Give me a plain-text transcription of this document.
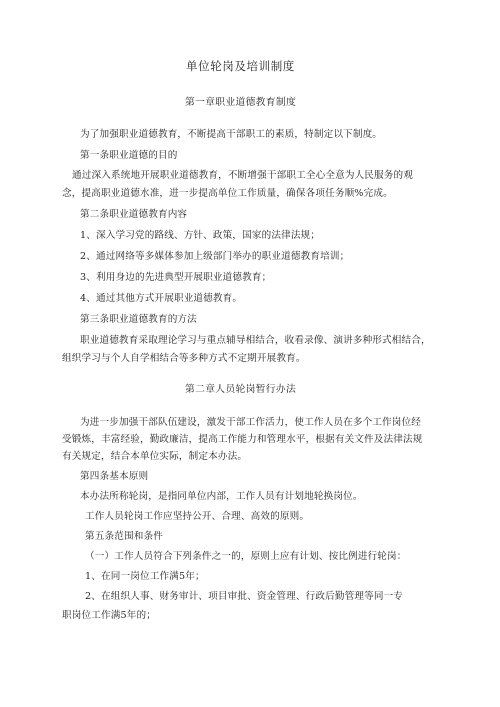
单位轮岗及培训制度
第一章职业道德教育制度
为了加强职业道德教育，不断提高干部职工的素质，特制定以下制度。
第一条职业道德的目的
通过深入系统地开展职业道德教育，不断增强干部职工全心全意为人民服务的观
念，提高职业道德水准，进一步提高单位工作质量，确保各项任务顺%完成。
第二条职业道德教育内容
1、深入学习党的路线、方针、政策，国家的法律法规；
2、通过网络等多媒体参加上级部门举办的职业道德教育培训；
3、利用身边的先进典型开展职业道德教育；
4、通过其他方式开展职业道德教育。
第三条职业道德教育的方法
职业道德教育采取理论学习与重点辅导相结合，收看录像、演讲多种形式相结合，
组织学习与个人自学相结合等多种方式不定期开展教育。
第二章人员轮岗暂行办法
为进一步加强干部队伍建设，激发干部工作活力，使工作人员在多个工作岗位经
受锻炼，丰富经验，勤政廉洁，提高工作能力和管理水平，根据有关文件及法律法规
有关规定，结合本单位实际，制定本办法。
第四条基本原则
本办法所称轮岗，是指同单位内部，工作人员有计划地轮换岗位。
工作人员轮岗工作应坚持公开、合理、高效的原则。
第五条范围和条件
（一）工作人员符合下列条件之一的，原则上应有计划、按比例进行轮岗：
1、在同一岗位工作满5年；
2、在组织人事、财务审计、项目审批、资金管理、行政后勤管理等同一专
职岗位工作满5年的；
